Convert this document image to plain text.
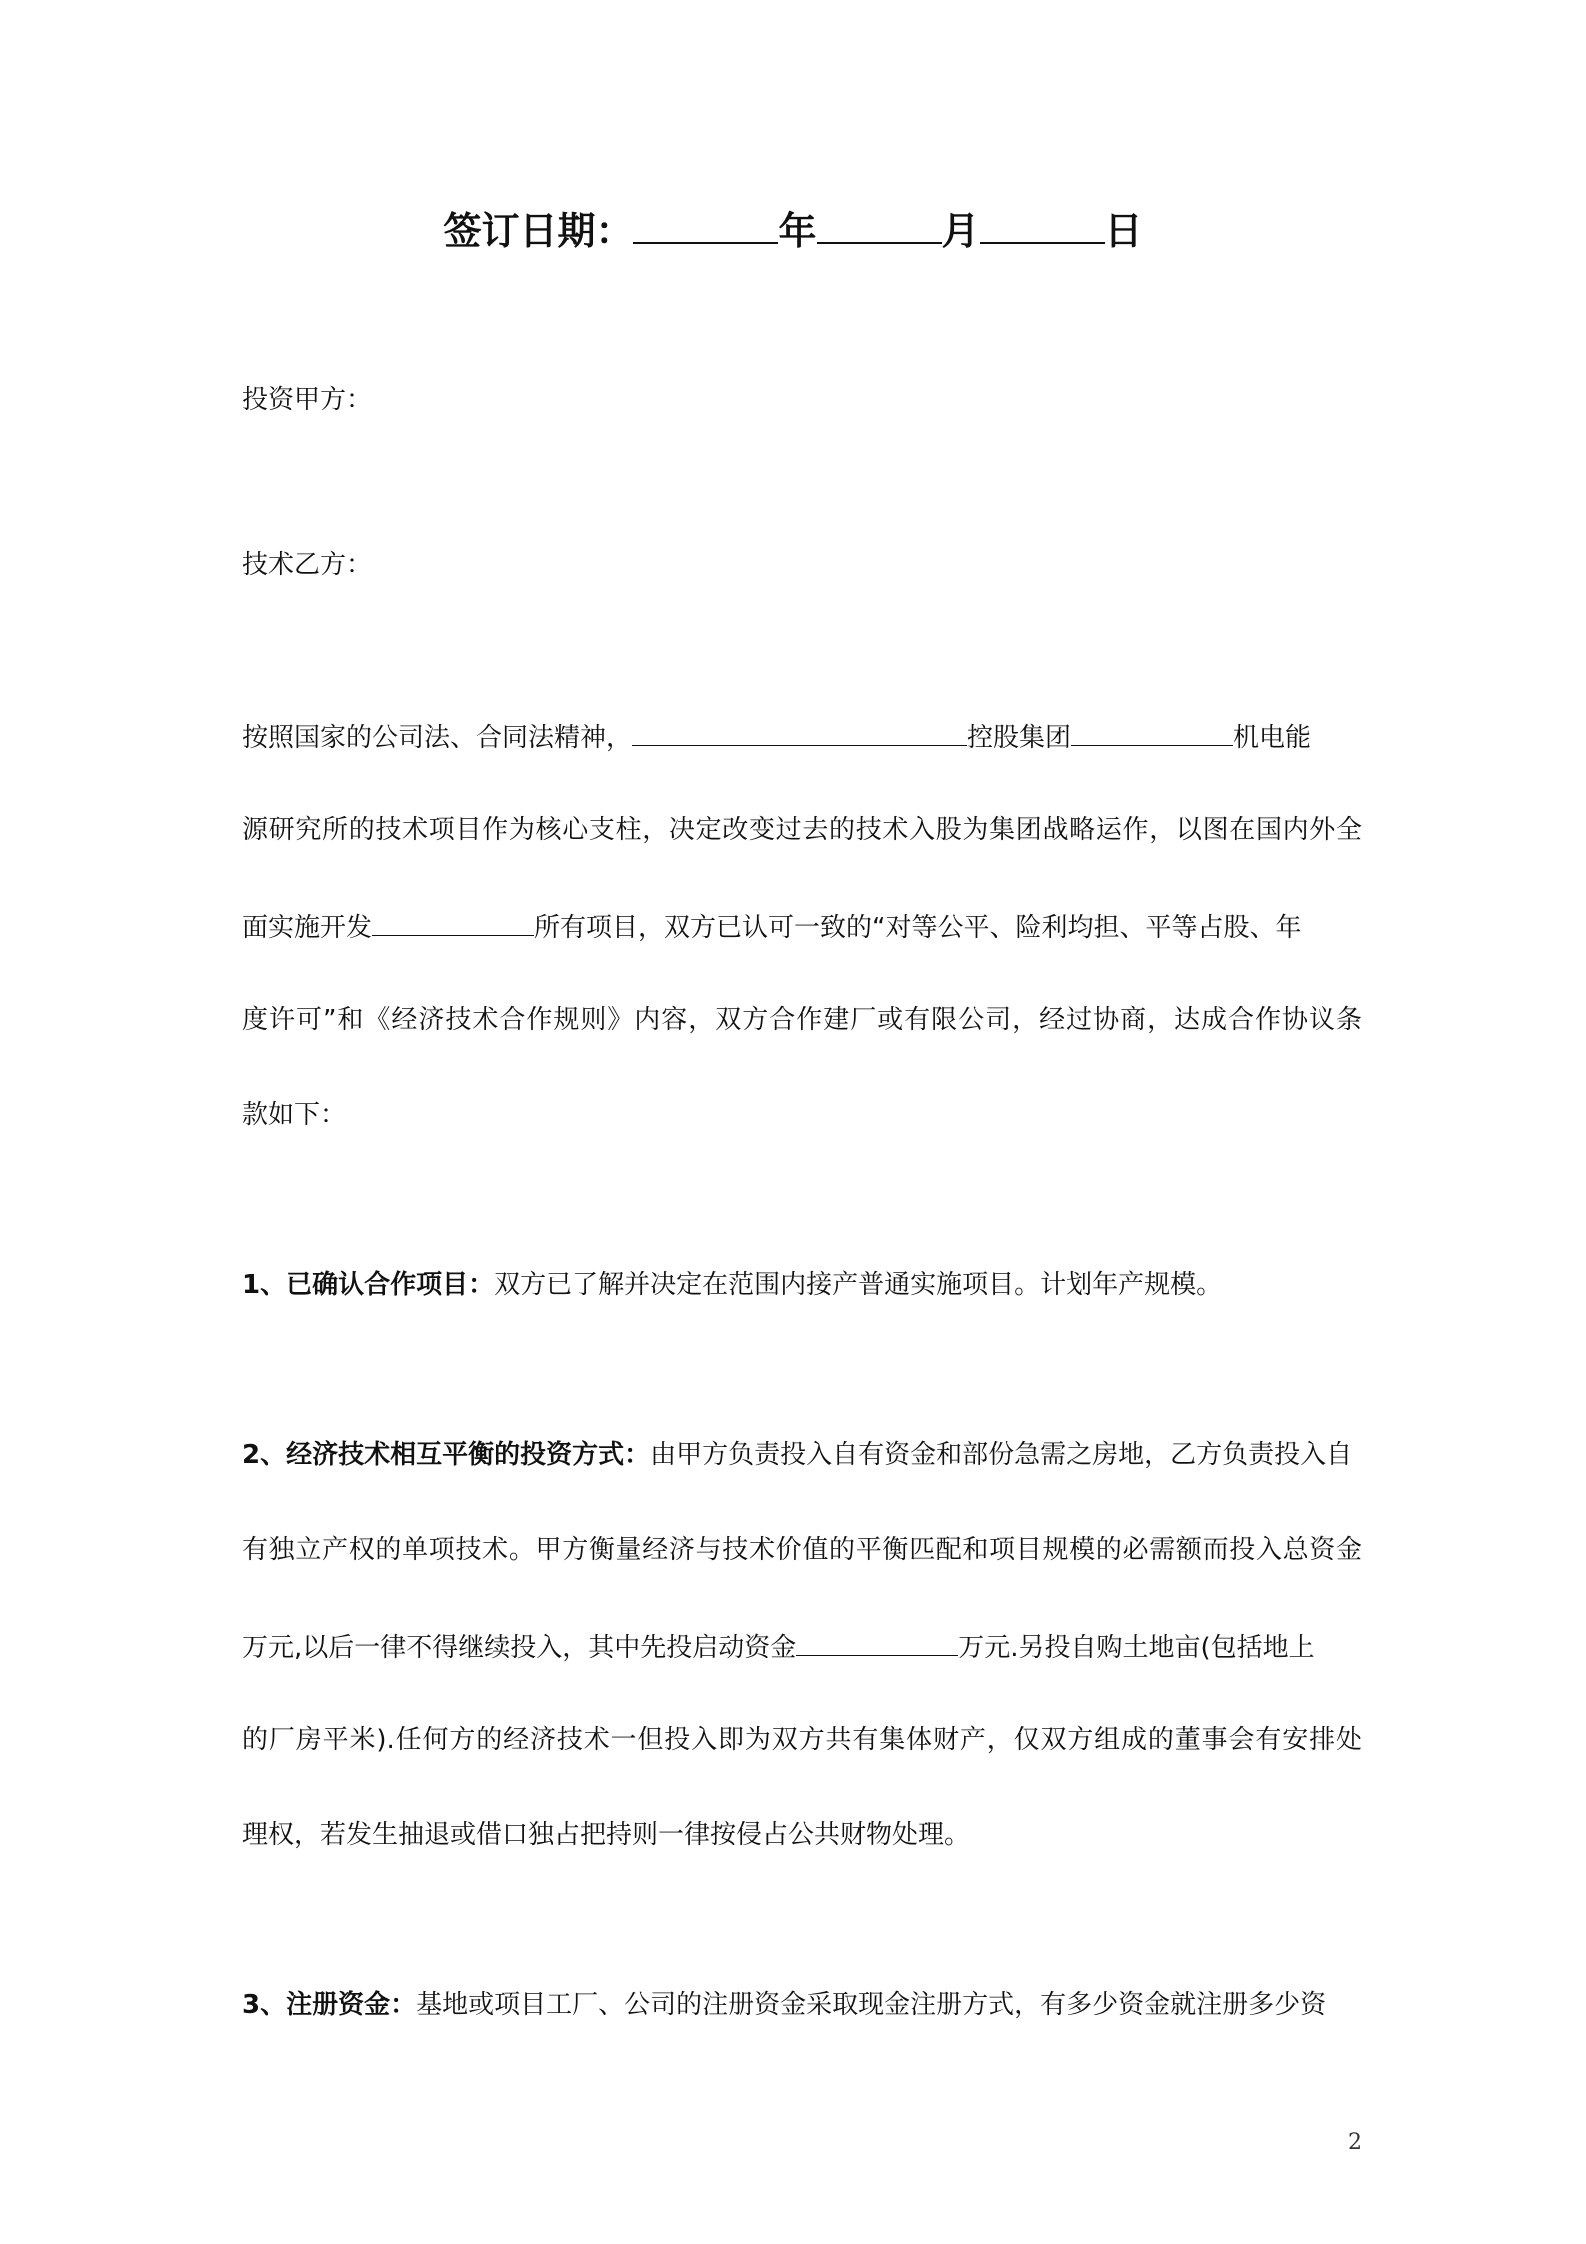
签订日期：	年	月	日
投资甲方：
技术乙方：
按照国家的公司法、合同法精神，	控股集团	机电能
源研究所的技术项目作为核心支柱，决定改变过去的技术入股为集团战略运作，以图在国内外全
面实施开发	所有项目，双方已认可一致的“对等公平、险利均担、平等占股、年
度许可”和《经济技术合作规则》内容，双方合作建厂或有限公司，经过协商，达成合作协议条
款如下：
1、已确认合作项目：双方已了解并决定在范围内接产普通实施项目。计划年产规模。
2、经济技术相互平衡的投资方式：由甲方负责投入自有资金和部份急需之房地，乙方负责投入自
有独立产权的单项技术。甲方衡量经济与技术价值的平衡匹配和项目规模的必需额而投入总资金
万元,以后一律不得继续投入，其中先投启动资金	万元.另投自购土地亩(包括地上
的厂房平米).任何方的经济技术一但投入即为双方共有集体财产，仅双方组成的董事会有安排处
理权，若发生抽退或借口独占把持则一律按侵占公共财物处理。
3、注册资金：基地或项目工厂、公司的注册资金采取现金注册方式，有多少资金就注册多少资
2
